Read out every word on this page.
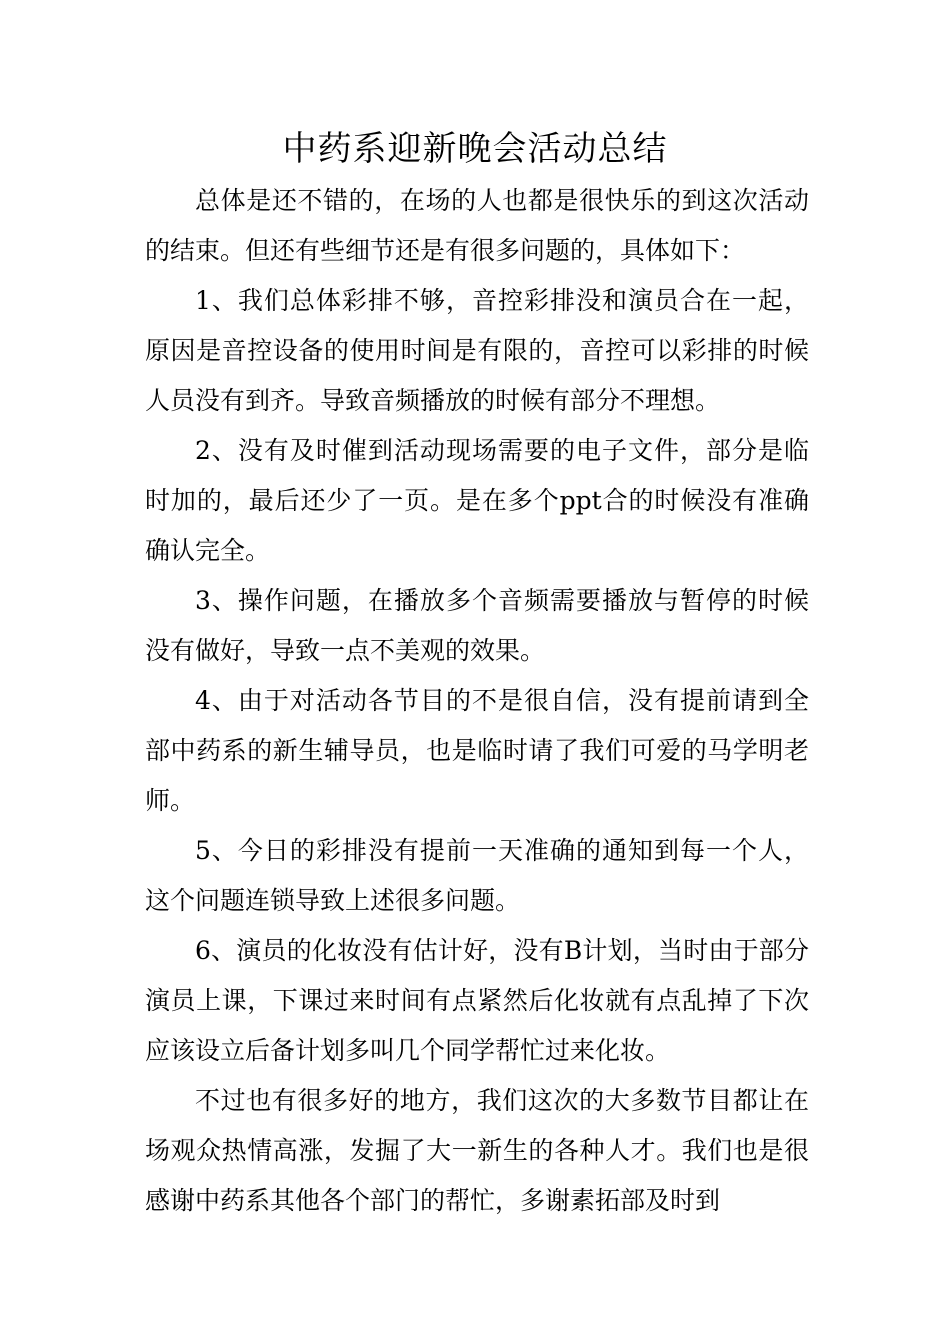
中药系迎新晚会活动总结

总体是还不错的，在场的人也都是很快乐的到这次活动的结束。但还有些细节还是有很多问题的，具体如下：

1、我们总体彩排不够，音控彩排没和演员合在一起，原因是音控设备的使用时间是有限的，音控可以彩排的时候人员没有到齐。导致音频播放的时候有部分不理想。

2、没有及时催到活动现场需要的电子文件，部分是临时加的，最后还少了一页。是在多个ppt合的时候没有准确确认完全。

3、操作问题，在播放多个音频需要播放与暂停的时候没有做好，导致一点不美观的效果。

4、由于对活动各节目的不是很自信，没有提前请到全部中药系的新生辅导员，也是临时请了我们可爱的马学明老师。

5、今日的彩排没有提前一天准确的通知到每一个人，这个问题连锁导致上述很多问题。

6、演员的化妆没有估计好，没有B计划，当时由于部分演员上课，下课过来时间有点紧然后化妆就有点乱掉了下次应该设立后备计划多叫几个同学帮忙过来化妆。

不过也有很多好的地方，我们这次的大多数节目都让在场观众热情高涨，发掘了大一新生的各种人才。我们也是很感谢中药系其他各个部门的帮忙，多谢素拓部及时到
